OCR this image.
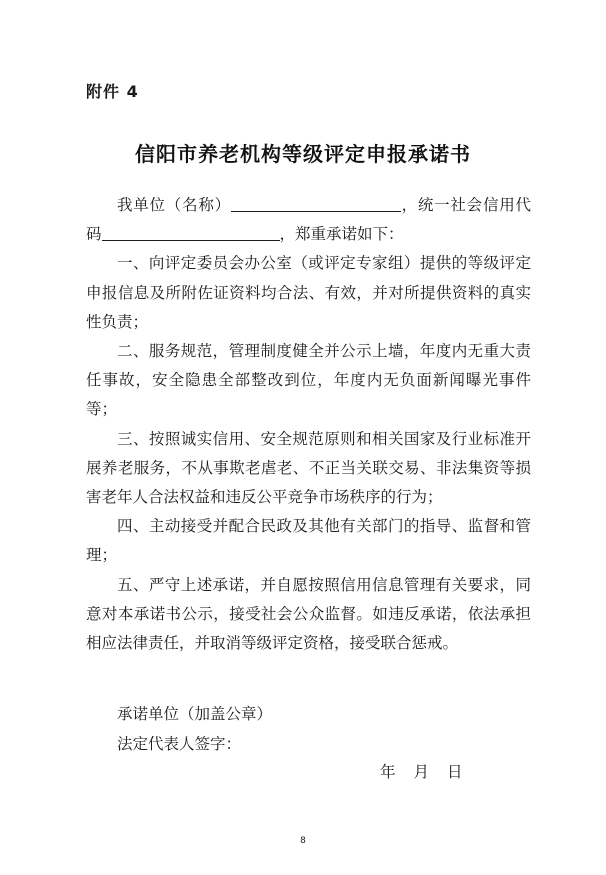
附件 4
信阳市养老机构等级评定申报承诺书

我单位（名称）	，统一社会信用代码	，郑重承诺如下：

一、向评定委员会办公室（或评定专家组）提供的等级评定申报信息及所附佐证资料均合法、有效，并对所提供资料的真实性负责；

二、服务规范，管理制度健全并公示上墙，年度内无重大责任事故，安全隐患全部整改到位，年度内无负面新闻曝光事件等；

三、按照诚实信用、安全规范原则和相关国家及行业标准开展养老服务，不从事欺老虐老、不正当关联交易、非法集资等损害老年人合法权益和违反公平竞争市场秩序的行为；

四、主动接受并配合民政及其他有关部门的指导、监督和管理；

五、严守上述承诺，并自愿按照信用信息管理有关要求，同意对本承诺书公示，接受社会公众监督。如违反承诺，依法承担相应法律责任，并取消等级评定资格，接受联合惩戒。

承诺单位（加盖公章）
法定代表人签字：
年 月 日
8
